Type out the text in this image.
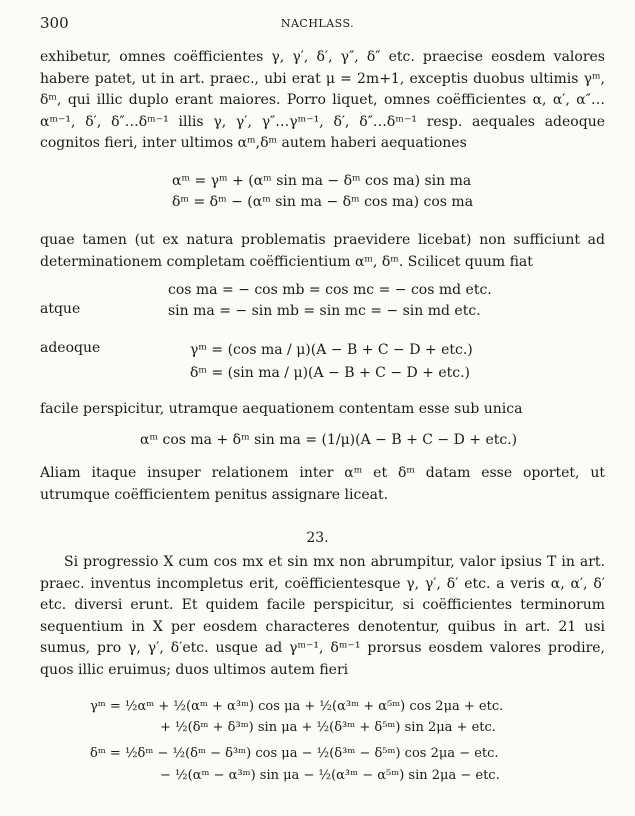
300	NACHLASS.

exhibetur, omnes coëfficientes γ, γ′, δ′, γ″, δ″ etc. praecise eosdem valores habere patet, ut in art. praec., ubi erat μ = 2m+1, exceptis duobus ultimis γᵐ, δᵐ, qui illic duplo erant maiores. Porro liquet, omnes coëfficientes α, α′, α″…αᵐ⁻¹, δ′, δ″…δᵐ⁻¹ illis γ, γ′, γ″…γᵐ⁻¹, δ′, δ″…δᵐ⁻¹ resp. aequales adeoque cognitos fieri, inter ultimos αᵐ,δᵐ autem haberi aequationes

αᵐ = γᵐ + (αᵐ sin ma − δᵐ cos ma) sin ma
δᵐ = δᵐ − (αᵐ sin ma − δᵐ cos ma) cos ma

quae tamen (ut ex natura problematis praevidere licebat) non sufficiunt ad determinationem completam coëfficientium αᵐ, δᵐ. Scilicet quum fiat

cos ma = − cos mb = cos mc = − cos md etc.
atque	sin ma = − sin mb = sin mc = − sin md etc.
adeoque	γᵐ = (cos ma / μ)(A − B + C − D + etc.)
δᵐ = (sin ma / μ)(A − B + C − D + etc.)

facile perspicitur, utramque aequationem contentam esse sub unica

αᵐ cos ma + δᵐ sin ma = (1/μ)(A − B + C − D + etc.)

Aliam itaque insuper relationem inter αᵐ et δᵐ datam esse oportet, ut utrumque coëfficientem penitus assignare liceat.

23.

Si progressio X cum cos mx et sin mx non abrumpitur, valor ipsius T in art. praec. inventus incompletus erit, coëfficientesque γ, γ′, δ′ etc. a veris α, α′, δ′ etc. diversi erunt. Et quidem facile perspicitur, si coëfficientes terminorum sequentium in X per eosdem characteres denotentur, quibus in art. 21 usi sumus, pro γ, γ′, δ′etc. usque ad γᵐ⁻¹, δᵐ⁻¹ prorsus eosdem valores prodire, quos illic eruimus; duos ultimos autem fieri

γᵐ = ½αᵐ + ½(αᵐ + α³ᵐ) cos μa + ½(α³ᵐ + α⁵ᵐ) cos 2μa + etc.
+ ½(δᵐ + δ³ᵐ) sin μa + ½(δ³ᵐ + δ⁵ᵐ) sin 2μa + etc.
δᵐ = ½δᵐ − ½(δᵐ − δ³ᵐ) cos μa − ½(δ³ᵐ − δ⁵ᵐ) cos 2μa − etc.
− ½(αᵐ − α³ᵐ) sin μa − ½(α³ᵐ − α⁵ᵐ) sin 2μa − etc.
